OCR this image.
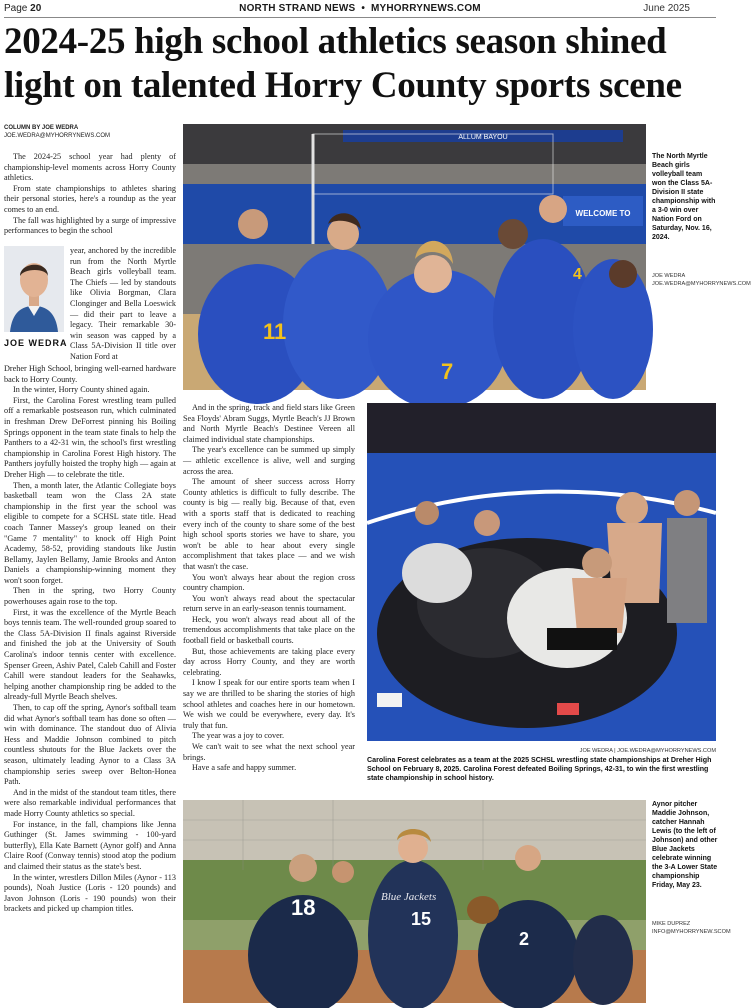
Page 20	NORTH STRAND NEWS • MYHORRYNEWS.COM	June 2025
2024-25 high school athletics season shined light on talented Horry County sports scene
COLUMN BY JOE WEDRA
JOE.WEDRA@MYHORRYNEWS.COM

The 2024-25 school year had plenty of championship-level moments across Horry County athletics.

From state championships to athletes sharing their personal stories, here's a roundup as the year comes to an end.

The fall was highlighted by a surge of impressive performances to begin the school

JOE WEDRA
year, anchored by the incredible run from the North Myrtle Beach girls volleyball team. The Chiefs — led by standouts like Olivia Borgman, Clara Clonginger and Bella Loeswick — did their part to leave a legacy. Their remarkable 30-win season was capped by a Class 5A-Division II title over Nation Ford at

Dreher High School, bringing well-earned hardware back to Horry County.

In the winter, Horry County shined again.

First, the Carolina Forest wrestling team pulled off a remarkable postseason run, which culminated in freshman Drew DeForrest pinning his Boiling Springs opponent in the team state finals to help the Panthers to a 42-31 win, the school's first wrestling championship in Carolina Forest High history. The Panthers joyfully hoisted the trophy high — again at Dreher High — to celebrate the title.

Then, a month later, the Atlantic Collegiate boys basketball team won the Class 2A state championship in the first year the school was eligible to compete for a SCHSL state title. Head coach Tanner Massey's group leaned on their "Game 7 mentality" to knock off High Point Academy, 58-52, providing standouts like Justin Bellamy, Jaylen Bellamy, Jamie Brooks and Anton Daniels a championship-winning moment they won't soon forget.

Then in the spring, two Horry County powerhouses again rose to the top.

First, it was the excellence of the Myrtle Beach boys tennis team. The well-rounded group soared to the Class 5A-Division II finals against Riverside and finished the job at the University of South Carolina's indoor tennis center with excellence. Spenser Green, Ashiv Patel, Caleb Cahill and Foster Cahill were standout leaders for the Seahawks, helping another championship ring be added to the already-full Myrtle Beach shelves.

Then, to cap off the spring, Aynor's softball team did what Aynor's softball team has done so often — win with dominance. The standout duo of Alivia Hess and Maddie Johnson combined to pitch countless shutouts for the Blue Jackets over the season, ultimately leading Aynor to a Class 3A championship series sweep over Belton-Honea Path.

And in the midst of the standout team titles, there were also remarkable individual performances that made Horry County athletics so special.

For instance, in the fall, champions like Jenna Guthinger (St. James swimming - 100-yard butterfly), Ella Kate Barnett (Aynor golf) and Anna Claire Roof (Conway tennis) stood atop the podium and claimed their status as the state's best.

In the winter, wrestlers Dillon Miles (Aynor - 113 pounds), Noah Justice (Loris - 120 pounds) and Javon Johnson (Loris - 190 pounds) won their brackets and picked up champion titles.

ALLUM BAYOU
WELCOME TO
11
7
4
The North Myrtle Beach girls volleyball team won the Class 5A-Division II state championship with a 3-0 win over Nation Ford on Saturday, Nov. 16, 2024.
JOE WEDRA
JOE.WEDRA@MYHORRYNEWS.COM

And in the spring, track and field stars like Green Sea Floyds' Abram Suggs, Myrtle Beach's JJ Brown and North Myrtle Beach's Destinee Vereen all claimed individual state championships.

The year's excellence can be summed up simply — athletic excellence is alive, well and surging across the area.

The amount of sheer success across Horry County athletics is difficult to fully describe. The county is big — really big. Because of that, even with a sports staff that is dedicated to reaching every inch of the county to share some of the best high school sports stories we have to share, you won't be able to hear about every single accomplishment that takes place — and we wish that wasn't the case.

You won't always hear about the region cross country champion.

You won't always read about the spectacular return serve in an early-season tennis tournament.

Heck, you won't always read about all of the tremendous accomplishments that take place on the football field or basketball courts.

But, those achievements are taking place every day across Horry County, and they are worth celebrating.

I know I speak for our entire sports team when I say we are thrilled to be sharing the stories of high school athletes and coaches here in our hometown. We wish we could be everywhere, every day. It's truly that fun.

The year was a joy to cover.

We can't wait to see what the next school year brings.

Have a safe and happy summer.

JOE WEDRA | JOE.WEDRA@MYHORRYNEWS.COM
Carolina Forest celebrates as a team at the 2025 SCHSL wrestling state championships at Dreher High School on February 8, 2025. Carolina Forest defeated Boiling Springs, 42-31, to win the first wrestling state championship in school history.
Blue Jackets
18	15
2
Aynor pitcher Maddie Johnson, catcher Hannah Lewis (to the left of Johnson) and other Blue Jackets celebrate winning the 3-A Lower State championship Friday, May 23.
MIKE DUPREZ
INFO@MYHORRYNEW.SCOM
